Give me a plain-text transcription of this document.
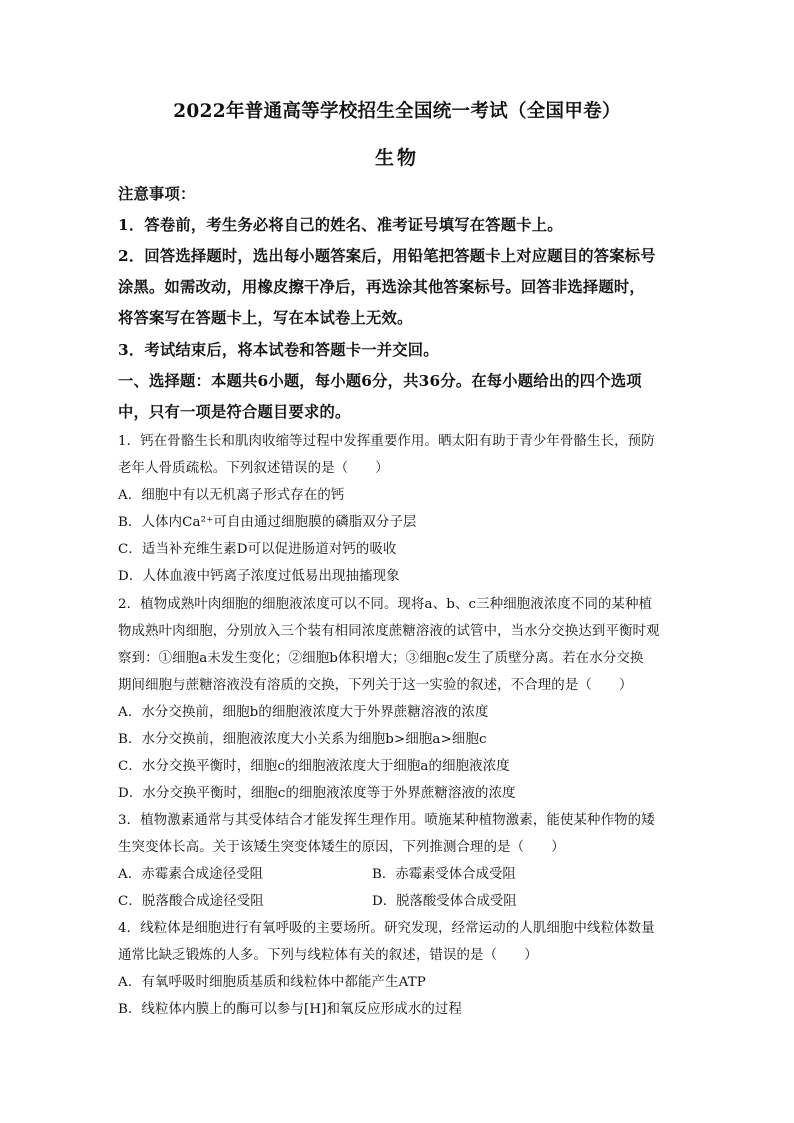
2022年普通高等学校招生全国统一考试（全国甲卷）
生物
注意事项：
1．答卷前，考生务必将自己的姓名、准考证号填写在答题卡上。
2．回答选择题时，选出每小题答案后，用铅笔把答题卡上对应题目的答案标号
涂黑。如需改动，用橡皮擦干净后，再选涂其他答案标号。回答非选择题时，
将答案写在答题卡上，写在本试卷上无效。
3．考试结束后，将本试卷和答题卡一并交回。
一、选择题：本题共6小题，每小题6分，共36分。在每小题给出的四个选项
中，只有一项是符合题目要求的。
1．钙在骨骼生长和肌肉收缩等过程中发挥重要作用。晒太阳有助于青少年骨骼生长，预防
老年人骨质疏松。下列叙述错误的是（　　）
A．细胞中有以无机离子形式存在的钙
B．人体内Ca²⁺可自由通过细胞膜的磷脂双分子层
C．适当补充维生素D可以促进肠道对钙的吸收
D．人体血液中钙离子浓度过低易出现抽搐现象
2．植物成熟叶肉细胞的细胞液浓度可以不同。现将a、b、c三种细胞液浓度不同的某种植
物成熟叶肉细胞，分别放入三个装有相同浓度蔗糖溶液的试管中，当水分交换达到平衡时观
察到：①细胞a未发生变化；②细胞b体积增大；③细胞c发生了质壁分离。若在水分交换
期间细胞与蔗糖溶液没有溶质的交换，下列关于这一实验的叙述，不合理的是（　　）
A．水分交换前，细胞b的细胞液浓度大于外界蔗糖溶液的浓度
B．水分交换前，细胞液浓度大小关系为细胞b>细胞a>细胞c
C．水分交换平衡时，细胞c的细胞液浓度大于细胞a的细胞液浓度
D．水分交换平衡时，细胞c的细胞液浓度等于外界蔗糖溶液的浓度
3．植物激素通常与其受体结合才能发挥生理作用。喷施某种植物激素，能使某种作物的矮
生突变体长高。关于该矮生突变体矮生的原因，下列推测合理的是（　　）
A．赤霉素合成途径受阻	B．赤霉素受体合成受阻
C．脱落酸合成途径受阻	D．脱落酸受体合成受阻
4．线粒体是细胞进行有氧呼吸的主要场所。研究发现，经常运动的人肌细胞中线粒体数量
通常比缺乏锻炼的人多。下列与线粒体有关的叙述，错误的是（　　）
A．有氧呼吸时细胞质基质和线粒体中都能产生ATP
B．线粒体内膜上的酶可以参与[H]和氧反应形成水的过程
